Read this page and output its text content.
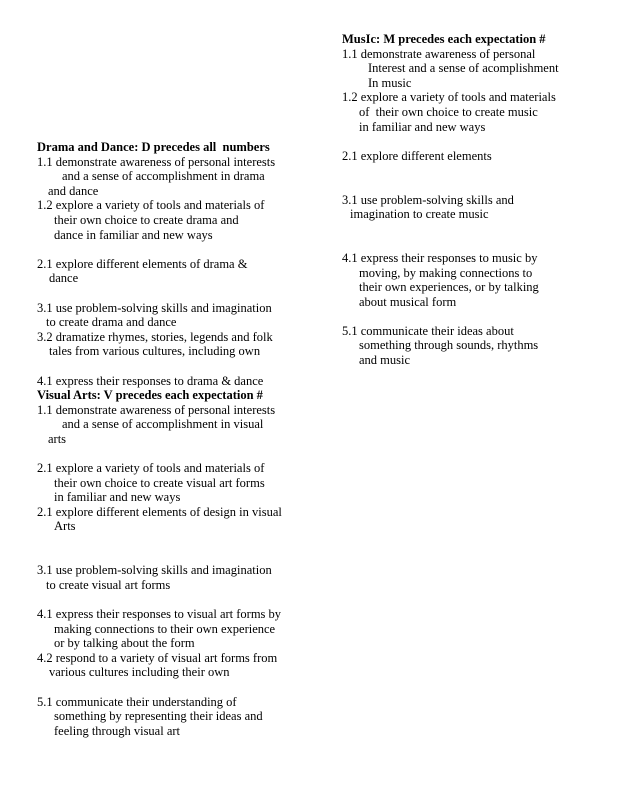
Drama and Dance: D precedes all  numbers
1.1 demonstrate awareness of personal interests
and a sense of accomplishment in drama
and dance
1.2 explore a variety of tools and materials of
their own choice to create drama and
dance in familiar and new ways
2.1 explore different elements of drama &
dance
3.1 use problem-solving skills and imagination
to create drama and dance
3.2 dramatize rhymes, stories, legends and folk
tales from various cultures, including own
4.1 express their responses to drama & dance
Visual Arts: V precedes each expectation #
1.1 demonstrate awareness of personal interests
and a sense of accomplishment in visual
arts
2.1 explore a variety of tools and materials of
their own choice to create visual art forms
in familiar and new ways
2.1 explore different elements of design in visual
Arts
3.1 use problem-solving skills and imagination
to create visual art forms
4.1 express their responses to visual art forms by
making connections to their own experience
or by talking about the form
4.2 respond to a variety of visual art forms from
various cultures including their own
5.1 communicate their understanding of
something by representing their ideas and
feeling through visual art
MusIc: M precedes each expectation #
1.1 demonstrate awareness of personal
Interest and a sense of acomplishment
In music
1.2 explore a variety of tools and materials
of  their own choice to create music
in familiar and new ways
2.1 explore different elements
3.1 use problem-solving skills and
imagination to create music
4.1 express their responses to music by
moving, by making connections to
their own experiences, or by talking
about musical form
5.1 communicate their ideas about
something through sounds, rhythms
and music
